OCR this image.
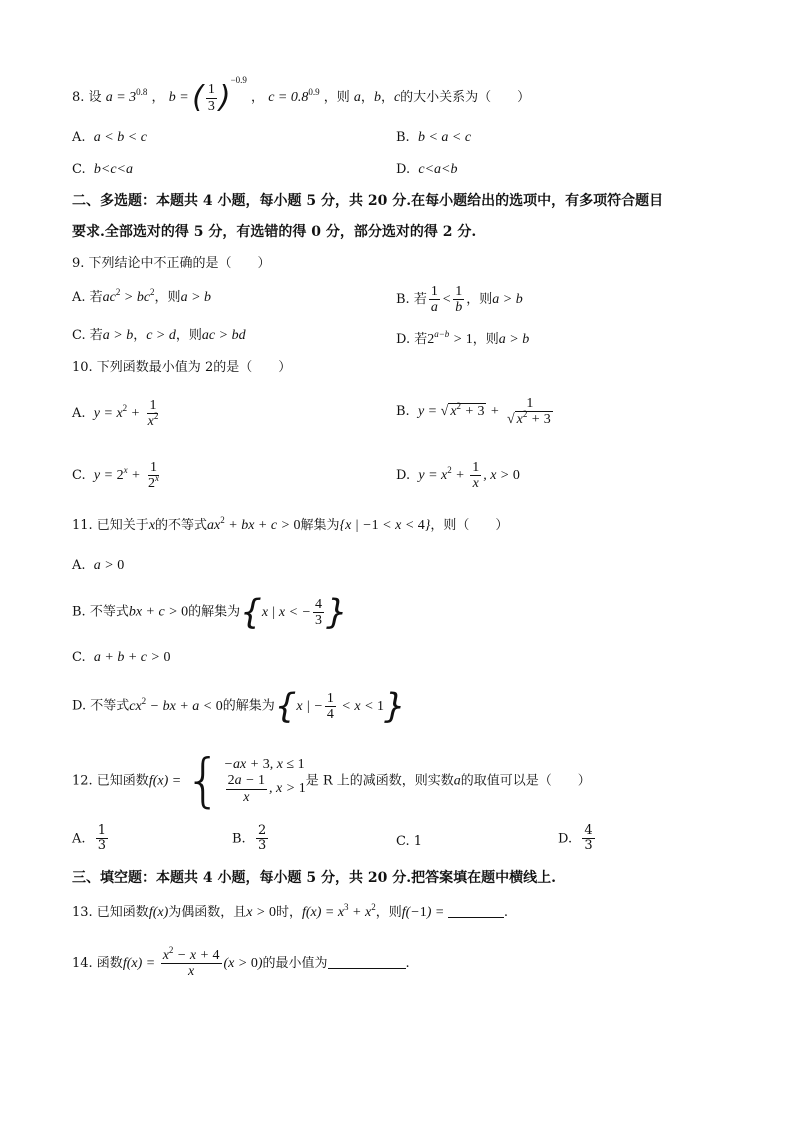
8. 设 $a = 3^{0.8}$ ， b = ( $\frac{1}{3} )^{-0.9}$ ， $c = 0.8^{0.9}$ ，则 a，b，c的大小关系为（　　）
A.  a < b < c	B.  b < a < c
C.  b<c<a	D.  c<a<b
二、多选题：本题共 4 小题，每小题 5 分，共 20 分.在每小题给出的选项中，有多项符合题目
要求.全部选对的得 5 分，有选错的得 0 分，部分选对的得 2 分.
9. 下列结论中不正确的是（　　）
A. 若$ac^2 > bc^2$，则a > b	B. 若 $\frac{1}{a} < \frac{1}{b}$ ，则a > b
C. 若a > b，c > d，则ac > bd	D. 若$2^{a-b} > 1$，则a > b
10. 下列函数最小值为 2的是（　　）
A.  $y = x^2 + \frac{1}{x^2}$	B.  y = √ $x^2 + 3 + \frac{1}{√ x^2 + 3}$
C.  $y = 2^x + \frac{1}{2^x}$	D.  $y = x^2 + \frac{1}{x}$ , x > 0
11. 已知关于x的不等式$ax^2$ + bx + c > 0解集为{x | −1 < x < 4}，则（　　）
A.  a > 0
B. 不等式bx + c > 0的解集为{x | x < − $\frac{4}{3}$ }
C.  a + b + c > 0
D. 不等式$cx^2$ − bx + a < 0的解集为{x | − $\frac{1}{4} < x < 1$}
12. 已知函数f(x) = { −ax + 3, x ≤ 1
$\frac{2a - 1}{x}$ , x > 1
是 R 上的减函数，则实数a的取值可以是（　　）
A. $\frac{1}{3}$	B. $\frac{2}{3}$	C. 1	D. $\frac{4}{3}$
三、填空题：本题共 4 小题，每小题 5 分，共 20 分.把答案填在题中横线上.
13. 已知函数f(x)为偶函数，且x > 0时，$f(x) = x^3 + x^2$，则f(−1) =	.
14. 函数$f(x) = \frac{x^2 - x + 4}{x} (x > 0)$的最小值为	.
